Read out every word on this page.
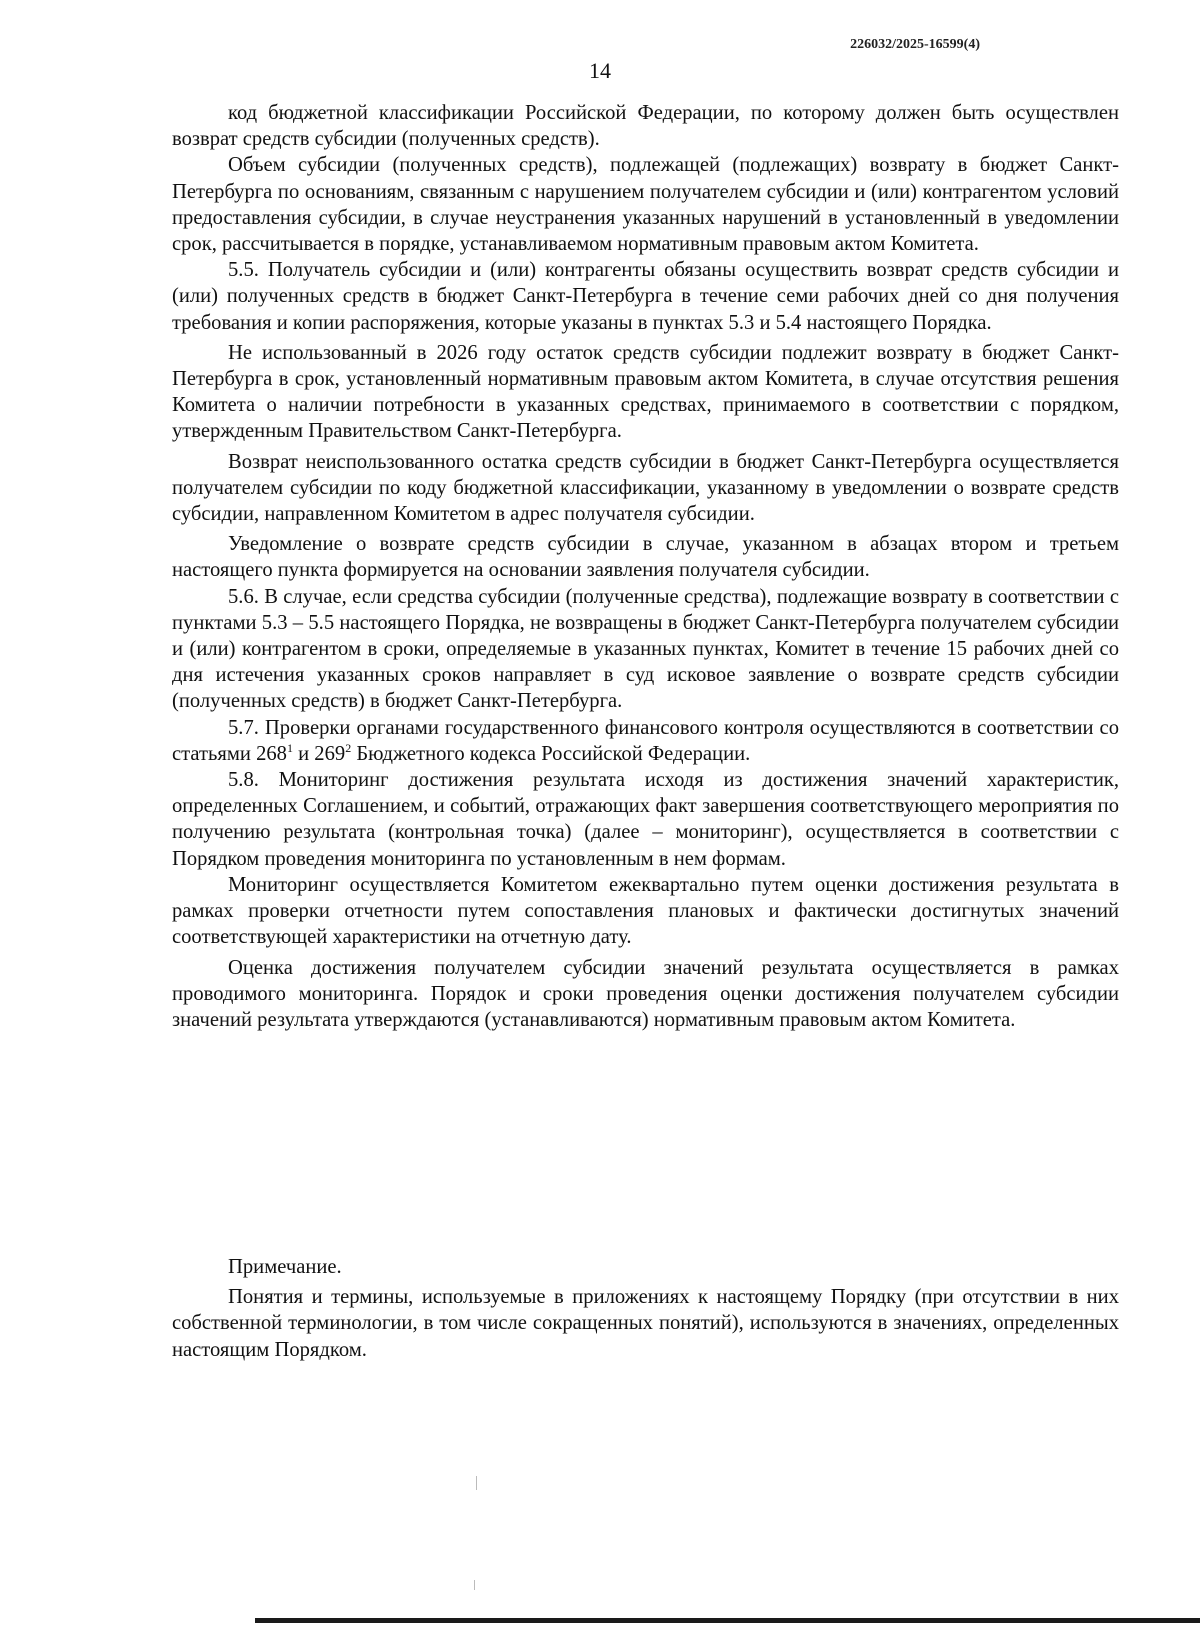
226032/2025-16599(4)
14

код бюджетной классификации Российской Федерации, по которому должен быть осуществлен возврат средств субсидии (полученных средств).

Объем субсидии (полученных средств), подлежащей (подлежащих) возврату в бюджет Санкт-Петербурга по основаниям, связанным с нарушением получателем субсидии и (или) контрагентом условий предоставления субсидии, в случае неустранения указанных нарушений в установленный в уведомлении срок, рассчитывается в порядке, устанавливаемом нормативным правовым актом Комитета.

5.5. Получатель субсидии и (или) контрагенты обязаны осуществить возврат средств субсидии и (или) полученных средств в бюджет Санкт-Петербурга в течение семи рабочих дней со дня получения требования и копии распоряжения, которые указаны в пунктах 5.3 и 5.4 настоящего Порядка.

Не использованный в 2026 году остаток средств субсидии подлежит возврату в бюджет Санкт-Петербурга в срок, установленный нормативным правовым актом Комитета, в случае отсутствия решения Комитета о наличии потребности в указанных средствах, принимаемого в соответствии с порядком, утвержденным Правительством Санкт-Петербурга.

Возврат неиспользованного остатка средств субсидии в бюджет Санкт-Петербурга осуществляется получателем субсидии по коду бюджетной классификации, указанному в уведомлении о возврате средств субсидии, направленном Комитетом в адрес получателя субсидии.

Уведомление о возврате средств субсидии в случае, указанном в абзацах втором и третьем настоящего пункта формируется на основании заявления получателя субсидии.

5.6. В случае, если средства субсидии (полученные средства), подлежащие возврату в соответствии с пунктами 5.3 – 5.5 настоящего Порядка, не возвращены в бюджет Санкт-Петербурга получателем субсидии и (или) контрагентом в сроки, определяемые в указанных пунктах, Комитет в течение 15 рабочих дней со дня истечения указанных сроков направляет в суд исковое заявление о возврате средств субсидии (полученных средств) в бюджет Санкт-Петербурга.

5.7. Проверки органами государственного финансового контроля осуществляются в соответствии со статьями $268^1$ и $269^2$ Бюджетного кодекса Российской Федерации.

5.8. Мониторинг достижения результата исходя из достижения значений характеристик, определенных Соглашением, и событий, отражающих факт завершения соответствующего мероприятия по получению результата (контрольная точка) (далее – мониторинг), осуществляется в соответствии с Порядком проведения мониторинга по установленным в нем формам.

Мониторинг осуществляется Комитетом ежеквартально путем оценки достижения результата в рамках проверки отчетности путем сопоставления плановых и фактически достигнутых значений соответствующей характеристики на отчетную дату.

Оценка достижения получателем субсидии значений результата осуществляется в рамках проводимого мониторинга. Порядок и сроки проведения оценки достижения получателем субсидии значений результата утверждаются (устанавливаются) нормативным правовым актом Комитета.

Примечание.

Понятия и термины, используемые в приложениях к настоящему Порядку (при отсутствии в них собственной терминологии, в том числе сокращенных понятий), используются в значениях, определенных настоящим Порядком.
